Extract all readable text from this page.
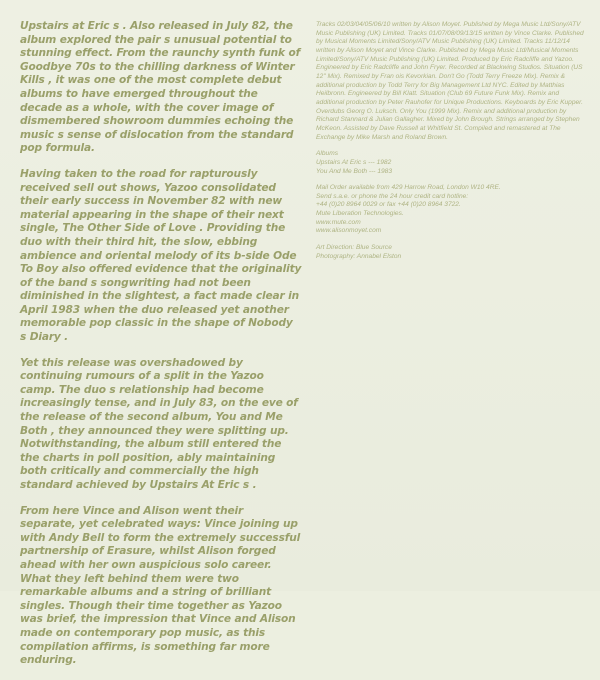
Upstairs at Eric s . Also released in July 82, the album explored the pair s unusual potential to stunning effect. From the raunchy synth funk of Goodbye 70s to the chilling darkness of Winter Kills , it was one of the most complete debut albums to have emerged throughout the decade as a whole, with the cover image of dismembered showroom dummies echoing the music s sense of dislocation from the standard pop formula.

Having taken to the road for rapturously received sell out shows, Yazoo consolidated their early success in November 82 with new material appearing in the shape of their next single, The Other Side of Love . Providing the duo with their third hit, the slow, ebbing ambience and oriental melody of its b-side Ode To Boy also offered evidence that the originality of the band s songwriting had not been diminished in the slightest, a fact made clear in April 1983 when the duo released yet another memorable pop classic in the shape of Nobody s Diary .

Yet this release was overshadowed by continuing rumours of a split in the Yazoo camp. The duo s relationship had become increasingly tense, and in July 83, on the eve of the release of the second album, You and Me Both , they announced they were splitting up. Notwithstanding, the album still entered the the charts in poll position, ably maintaining both critically and commercially the high standard achieved by Upstairs At Eric s .

From here Vince and Alison went their separate, yet celebrated ways: Vince joining up with Andy Bell to form the extremely successful partnership of Erasure, whilst Alison forged ahead with her own auspicious solo career. What they left behind them were two remarkable albums and a string of brilliant singles. Though their time together as Yazoo was brief, the impression that Vince and Alison made on contemporary pop music, as this compilation affirms, is something far more enduring.

Tracks 02/03/04/05/06/10 written by Alison Moyet. Published by Mega Music Ltd/Sony/ATV Music Publishing (UK) Limited. Tracks 01/07/08/09/13/15 written by Vince Clarke. Published by Musical Moments Limited/Sony/ATV Music Publishing (UK) Limited. Tracks 11/12/14 written by Alison Moyet and Vince Clarke. Published by Mega Music Ltd/Musical Moments Limited/Sony/ATV Music Publishing (UK) Limited. Produced by Eric Radcliffe and Yazoo. Engineered by Eric Radcliffe and John Fryer. Recorded at Blackwing Studios. Situation (US 12" Mix). Remixed by Fran ois Kevorkian. Don't Go (Todd Terry Freeze Mix). Remix & additional production by Todd Terry for Big Management Ltd NYC. Edited by Matthias Heilbronn. Engineered by Bill Klatt. Situation (Club 69 Future Funk Mix). Remix and additional production by Peter Rauhofer for Unique Productions. Keyboards by Eric Kupper. Overdubs Georg O. Luksch. Only You (1999 Mix). Remix and additional production by Richard Stannard & Julian Gallagher. Mixed by John Brough. Strings arranged by Stephen McKeon. Assisted by Dave Russell at Whitfield St. Compiled and remastered at The Exchange by Mike Marsh and Roland Brown.

Albums
Upstairs At Eric s --- 1982
You And Me Both --- 1983

Mail Order available from 429 Harrow Road, London W10 4RE.
Send s.a.e. or phone the 24 hour credit card hotline:
+44 (0)20 8964 0029 or fax +44 (0)20 8964 3722.
Mute Liberation Technologies.
www.mute.com
www.alisonmoyet.com

Art Direction: Blue Source
Photography: Annabel Elston
